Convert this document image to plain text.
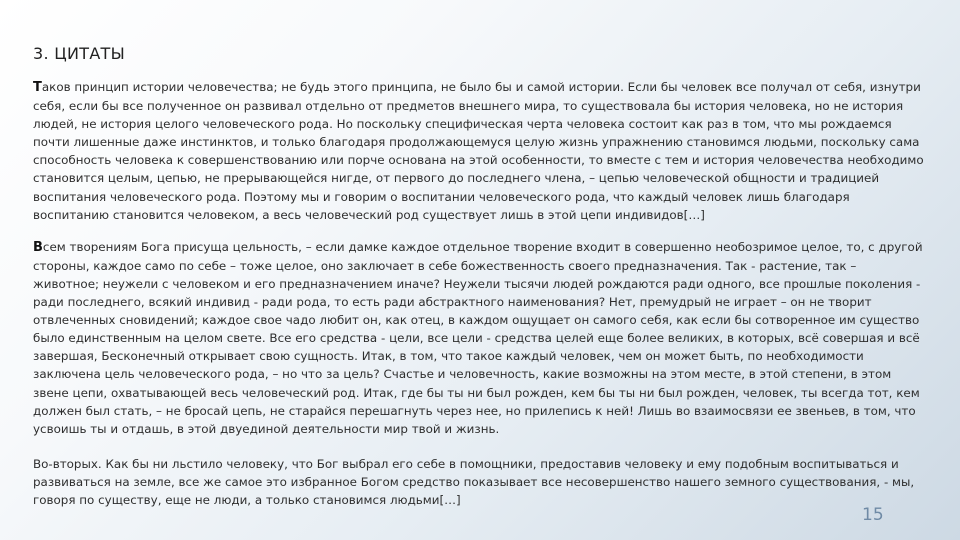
3. ЦИТАТЫ

Таков принцип истории человечества; не будь этого принципа, не было бы и самой истории. Если бы человек все получал от себя, изнутри себя, если бы все полученное он развивал отдельно от предметов внешнего мира, то существовала бы история человека, но не история людей, не история целого человеческого рода. Но поскольку специфическая черта человека состоит как раз в том, что мы рождаемся почти лишенные даже инстинктов, и только благодаря продолжающемуся целую жизнь упражнению становимся людьми, поскольку сама способность человека к совершенствованию или порче основана на этой особенности, то вместе с тем и история человечества необходимо становится целым, цепью, не прерывающейся нигде, от первого до последнего члена, – цепью человеческой общности и традицией воспитания человеческого рода. Поэтому мы и говорим о воспитании человеческого рода, что каждый человек лишь благодаря воспитанию становится человеком, а весь человеческий род существует лишь в этой цепи индивидов[…]

Всем творениям Бога присуща цельность, – если дамке каждое отдельное творение входит в совершенно необозримое целое, то, с другой стороны, каждое само по себе – тоже целое, оно заключает в себе божественность своего предназначения. Так - растение, так – животное; неужели с человеком и его предназначением иначе? Неужели тысячи людей рождаются ради одного, все прошлые поколения - ради последнего, всякий индивид - ради рода, то есть ради абстрактного наименования? Нет, премудрый не играет – он не творит отвлеченных сновидений; каждое свое чадо любит он, как отец, в каждом ощущает он самого себя, как если бы сотворенное им существо было единственным на целом свете. Все его средства - цели, все цели - средства целей еще более великих, в которых, всё совершая и всё завершая, Бесконечный открывает свою сущность. Итак, в том, что такое каждый человек, чем он может быть, по необходимости заключена цель человеческого рода, – но что за цель? Счастье и человечность, какие возможны на этом месте, в этой степени, в этом звене цепи, охватывающей весь человеческий род. Итак, где бы ты ни был рожден, кем бы ты ни был рожден, человек, ты всегда тот, кем должен был стать, – не бросай цепь, не старайся перешагнуть через нее, но прилепись к ней! Лишь во взаимосвязи ее звеньев, в том, что усвоишь ты и отдашь, в этой двуединой деятельности мир твой и жизнь.

Во-вторых. Как бы ни льстило человеку, что Бог выбрал его себе в помощники, предоставив человеку и ему подобным воспитываться и развиваться на земле, все же самое это избранное Богом средство показывает все несовершенство нашего земного существования, - мы, говоря по существу, еще не люди, а только становимся людьми[…]

15
